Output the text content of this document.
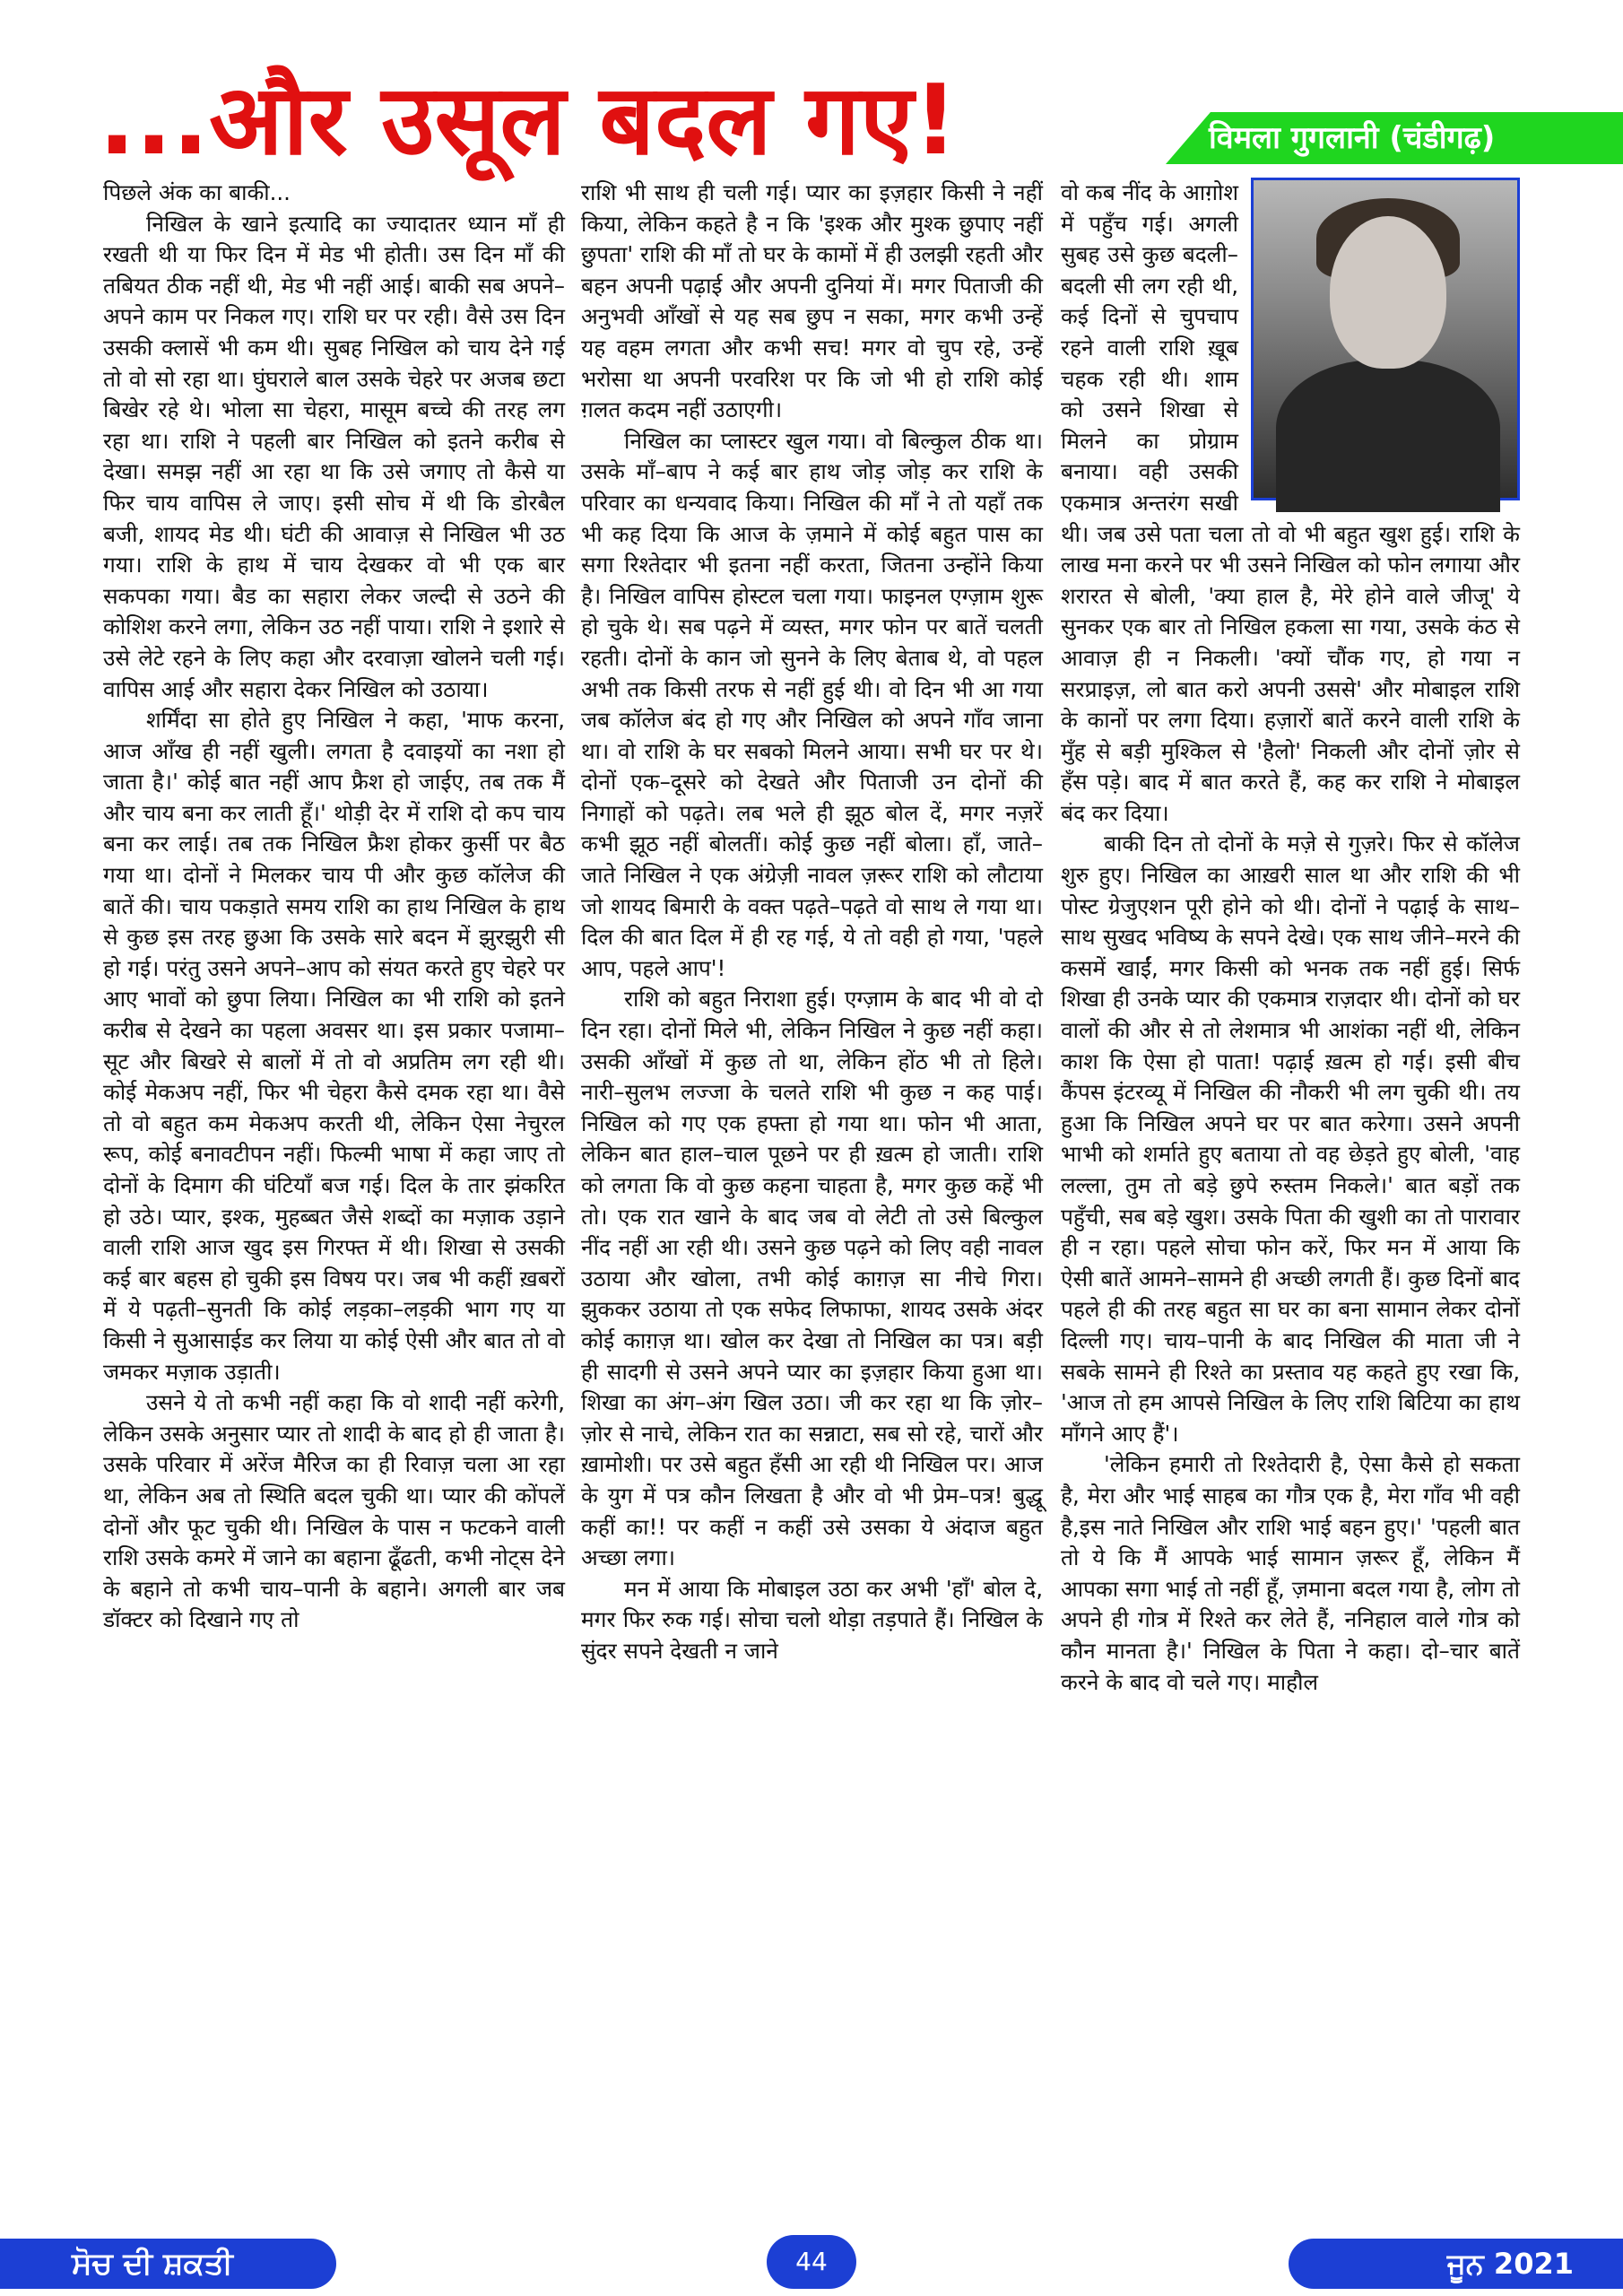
...और उसूल बदल गए!	विमला गुगलानी (चंडीगढ़)

पिछले अंक का बाकी...

निखिल के खाने इत्यादि का ज्यादातर ध्यान माँ ही रखती थी या फिर दिन में मेड भी होती। उस दिन माँ की तबियत ठीक नहीं थी, मेड भी नहीं आई। बाकी सब अपने–अपने काम पर निकल गए। राशि घर पर रही। वैसे उस दिन उसकी क्लासें भी कम थी। सुबह निखिल को चाय देने गई तो वो सो रहा था। घुंघराले बाल उसके चेहरे पर अजब छटा बिखेर रहे थे। भोला सा चेहरा, मासूम बच्चे की तरह लग रहा था। राशि ने पहली बार निखिल को इतने करीब से देखा। समझ नहीं आ रहा था कि उसे जगाए तो कैसे या फिर चाय वापिस ले जाए। इसी सोच में थी कि डोरबैल बजी, शायद मेड थी। घंटी की आवाज़ से निखिल भी उठ गया। राशि के हाथ में चाय देखकर वो भी एक बार सकपका गया। बैड का सहारा लेकर जल्दी से उठने की कोशिश करने लगा, लेकिन उठ नहीं पाया। राशि ने इशारे से उसे लेटे रहने के लिए कहा और दरवाज़ा खोलने चली गई। वापिस आई और सहारा देकर निखिल को उठाया।

शर्मिंदा सा होते हुए निखिल ने कहा, 'माफ करना, आज आँख ही नहीं खुली। लगता है दवाइयों का नशा हो जाता है।' कोई बात नहीं आप फ्रैश हो जाईए, तब तक मैं और चाय बना कर लाती हूँ।' थोड़ी देर में राशि दो कप चाय बना कर लाई। तब तक निखिल फ्रैश होकर कुर्सी पर बैठ गया था। दोनों ने मिलकर चाय पी और कुछ कॉलेज की बातें की। चाय पकड़ाते समय राशि का हाथ निखिल के हाथ से कुछ इस तरह छुआ कि उसके सारे बदन में झुरझुरी सी हो गई। परंतु उसने अपने–आप को संयत करते हुए चेहरे पर आए भावों को छुपा लिया। निखिल का भी राशि को इतने करीब से देखने का पहला अवसर था। इस प्रकार पजामा–सूट और बिखरे से बालों में तो वो अप्रतिम लग रही थी। कोई मेकअप नहीं, फिर भी चेहरा कैसे दमक रहा था। वैसे तो वो बहुत कम मेकअप करती थी, लेकिन ऐसा नेचुरल रूप, कोई बनावटीपन नहीं। फिल्मी भाषा में कहा जाए तो दोनों के दिमाग की घंटियाँ बज गई। दिल के तार झंकरित हो उठे। प्यार, इश्क, मुहब्बत जैसे शब्दों का मज़ाक उड़ाने वाली राशि आज खुद इस गिरफ्त में थी। शिखा से उसकी कई बार बहस हो चुकी इस विषय पर। जब भी कहीं ख़बरों में ये पढ़ती–सुनती कि कोई लड़का–लड़की भाग गए या किसी ने सुआसाईड कर लिया या कोई ऐसी और बात तो वो जमकर मज़ाक उड़ाती।

उसने ये तो कभी नहीं कहा कि वो शादी नहीं करेगी, लेकिन उसके अनुसार प्यार तो शादी के बाद हो ही जाता है। उसके परिवार में अरेंज मैरिज का ही रिवाज़ चला आ रहा था, लेकिन अब तो स्थिति बदल चुकी था। प्यार की कोंपलें दोनों और फूट चुकी थी। निखिल के पास न फटकने वाली राशि उसके कमरे में जाने का बहाना ढूँढती, कभी नोट्स देने के बहाने तो कभी चाय–पानी के बहाने। अगली बार जब डॉक्टर को दिखाने गए तो

राशि भी साथ ही चली गई। प्यार का इज़हार किसी ने नहीं किया, लेकिन कहते है न कि 'इश्क और मुश्क छुपाए नहीं छुपता' राशि की माँ तो घर के कामों में ही उलझी रहती और बहन अपनी पढ़ाई और अपनी दुनियां में। मगर पिताजी की अनुभवी आँखों से यह सब छुप न सका, मगर कभी उन्हें यह वहम लगता और कभी सच! मगर वो चुप रहे, उन्हें भरोसा था अपनी परवरिश पर कि जो भी हो राशि कोई ग़लत कदम नहीं उठाएगी।

निखिल का प्लास्टर खुल गया। वो बिल्कुल ठीक था। उसके माँ–बाप ने कई बार हाथ जोड़ जोड़ कर राशि के परिवार का धन्यवाद किया। निखिल की माँ ने तो यहाँ तक भी कह दिया कि आज के ज़माने में कोई बहुत पास का सगा रिश्तेदार भी इतना नहीं करता, जितना उन्होंने किया है। निखिल वापिस होस्टल चला गया। फाइनल एग्ज़ाम शुरू हो चुके थे। सब पढ़ने में व्यस्त, मगर फोन पर बातें चलती रहती। दोनों के कान जो सुनने के लिए बेताब थे, वो पहल अभी तक किसी तरफ से नहीं हुई थी। वो दिन भी आ गया जब कॉलेज बंद हो गए और निखिल को अपने गाँव जाना था। वो राशि के घर सबको मिलने आया। सभी घर पर थे। दोनों एक–दूसरे को देखते और पिताजी उन दोनों की निगाहों को पढ़ते। लब भले ही झूठ बोल दें, मगर नज़रें कभी झूठ नहीं बोलतीं। कोई कुछ नहीं बोला। हाँ, जाते–जाते निखिल ने एक अंग्रेज़ी नावल ज़रूर राशि को लौटाया जो शायद बिमारी के वक्त पढ़ते–पढ़ते वो साथ ले गया था। दिल की बात दिल में ही रह गई, ये तो वही हो गया, 'पहले आप, पहले आप'!

राशि को बहुत निराशा हुई। एग्ज़ाम के बाद भी वो दो दिन रहा। दोनों मिले भी, लेकिन निखिल ने कुछ नहीं कहा। उसकी आँखों में कुछ तो था, लेकिन होंठ भी तो हिले। नारी–सुलभ लज्जा के चलते राशि भी कुछ न कह पाई। निखिल को गए एक हफ्ता हो गया था। फोन भी आता, लेकिन बात हाल–चाल पूछने पर ही ख़त्म हो जाती। राशि को लगता कि वो कुछ कहना चाहता है, मगर कुछ कहें भी तो। एक रात खाने के बाद जब वो लेटी तो उसे बिल्कुल नींद नहीं आ रही थी। उसने कुछ पढ़ने को लिए वही नावल उठाया और खोला, तभी कोई काग़ज़ सा नीचे गिरा। झुककर उठाया तो एक सफेद लिफाफा, शायद उसके अंदर कोई काग़ज़ था। खोल कर देखा तो निखिल का पत्र। बड़ी ही सादगी से उसने अपने प्यार का इज़हार किया हुआ था। शिखा का अंग–अंग खिल उठा। जी कर रहा था कि ज़ोर–ज़ोर से नाचे, लेकिन रात का सन्नाटा, सब सो रहे, चारों और ख़ामोशी। पर उसे बहुत हँसी आ रही थी निखिल पर। आज के युग में पत्र कौन लिखता है और वो भी प्रेम–पत्र! बुद्धू कहीं का!! पर कहीं न कहीं उसे उसका ये अंदाज बहुत अच्छा लगा।

मन में आया कि मोबाइल उठा कर अभी 'हाँ' बोल दे, मगर फिर रुक गई। सोचा चलो थोड़ा तड़पाते हैं। निखिल के सुंदर सपने देखती न जाने

वो कब नींद के आग़ोश में पहुँच गई। अगली सुबह उसे कुछ बदली–बदली सी लग रही थी, कई दिनों से चुपचाप रहने वाली राशि ख़ूब चहक रही थी। शाम को उसने शिखा से मिलने का प्रोग्राम बनाया। वही उसकी एकमात्र अन्तरंग सखी थी। जब उसे पता चला तो वो भी बहुत खुश हुई। राशि के लाख मना करने पर भी उसने निखिल को फोन लगाया और शरारत से बोली, 'क्या हाल है, मेरे होने वाले जीजू' ये सुनकर एक बार तो निखिल हकला सा गया, उसके कंठ से आवाज़ ही न निकली। 'क्यों चौंक गए, हो गया न सरप्राइज़, लो बात करो अपनी उससे' और मोबाइल राशि के कानों पर लगा दिया। हज़ारों बातें करने वाली राशि के मुँह से बड़ी मुश्किल से 'हैलो' निकली और दोनों ज़ोर से हँस पड़े। बाद में बात करते हैं, कह कर राशि ने मोबाइल बंद कर दिया।

बाकी दिन तो दोनों के मज़े से गुज़रे। फिर से कॉलेज शुरु हुए। निखिल का आख़री साल था और राशि की भी पोस्ट ग्रेजुएशन पूरी होने को थी। दोनों ने पढ़ाई के साथ–साथ सुखद भविष्य के सपने देखे। एक साथ जीने–मरने की कसमें खाईं, मगर किसी को भनक तक नहीं हुई। सिर्फ शिखा ही उनके प्यार की एकमात्र राज़दार थी। दोनों को घर वालों की और से तो लेशमात्र भी आशंका नहीं थी, लेकिन काश कि ऐसा हो पाता! पढ़ाई ख़त्म हो गई। इसी बीच कैंपस इंटरव्यू में निखिल की नौकरी भी लग चुकी थी। तय हुआ कि निखिल अपने घर पर बात करेगा। उसने अपनी भाभी को शर्माते हुए बताया तो वह छेड़ते हुए बोली, 'वाह लल्ला, तुम तो बड़े छुपे रुस्तम निकले।' बात बड़ों तक पहुँची, सब बड़े खुश। उसके पिता की खुशी का तो पारावार ही न रहा। पहले सोचा फोन करें, फिर मन में आया कि ऐसी बातें आमने–सामने ही अच्छी लगती हैं। कुछ दिनों बाद पहले ही की तरह बहुत सा घर का बना सामान लेकर दोनों दिल्ली गए। चाय–पानी के बाद निखिल की माता जी ने सबके सामने ही रिश्ते का प्रस्ताव यह कहते हुए रखा कि, 'आज तो हम आपसे निखिल के लिए राशि बिटिया का हाथ माँगने आए हैं'।

'लेकिन हमारी तो रिश्तेदारी है, ऐसा कैसे हो सकता है, मेरा और भाई साहब का गौत्र एक है, मेरा गाँव भी वही है,इस नाते निखिल और राशि भाई बहन हुए।' 'पहली बात तो ये कि मैं आपके भाई सामान ज़रूर हूँ, लेकिन मैं आपका सगा भाई तो नहीं हूँ, ज़माना बदल गया है, लोग तो अपने ही गोत्र में रिश्ते कर लेते हैं, ननिहाल वाले गोत्र को कौन मानता है।' निखिल के पिता ने कहा। दो–चार बातें करने के बाद वो चले गए। माहौल

ਸੋਚ ਦੀ ਸ਼ਕਤੀ	44	ਜੂਨ 2021
